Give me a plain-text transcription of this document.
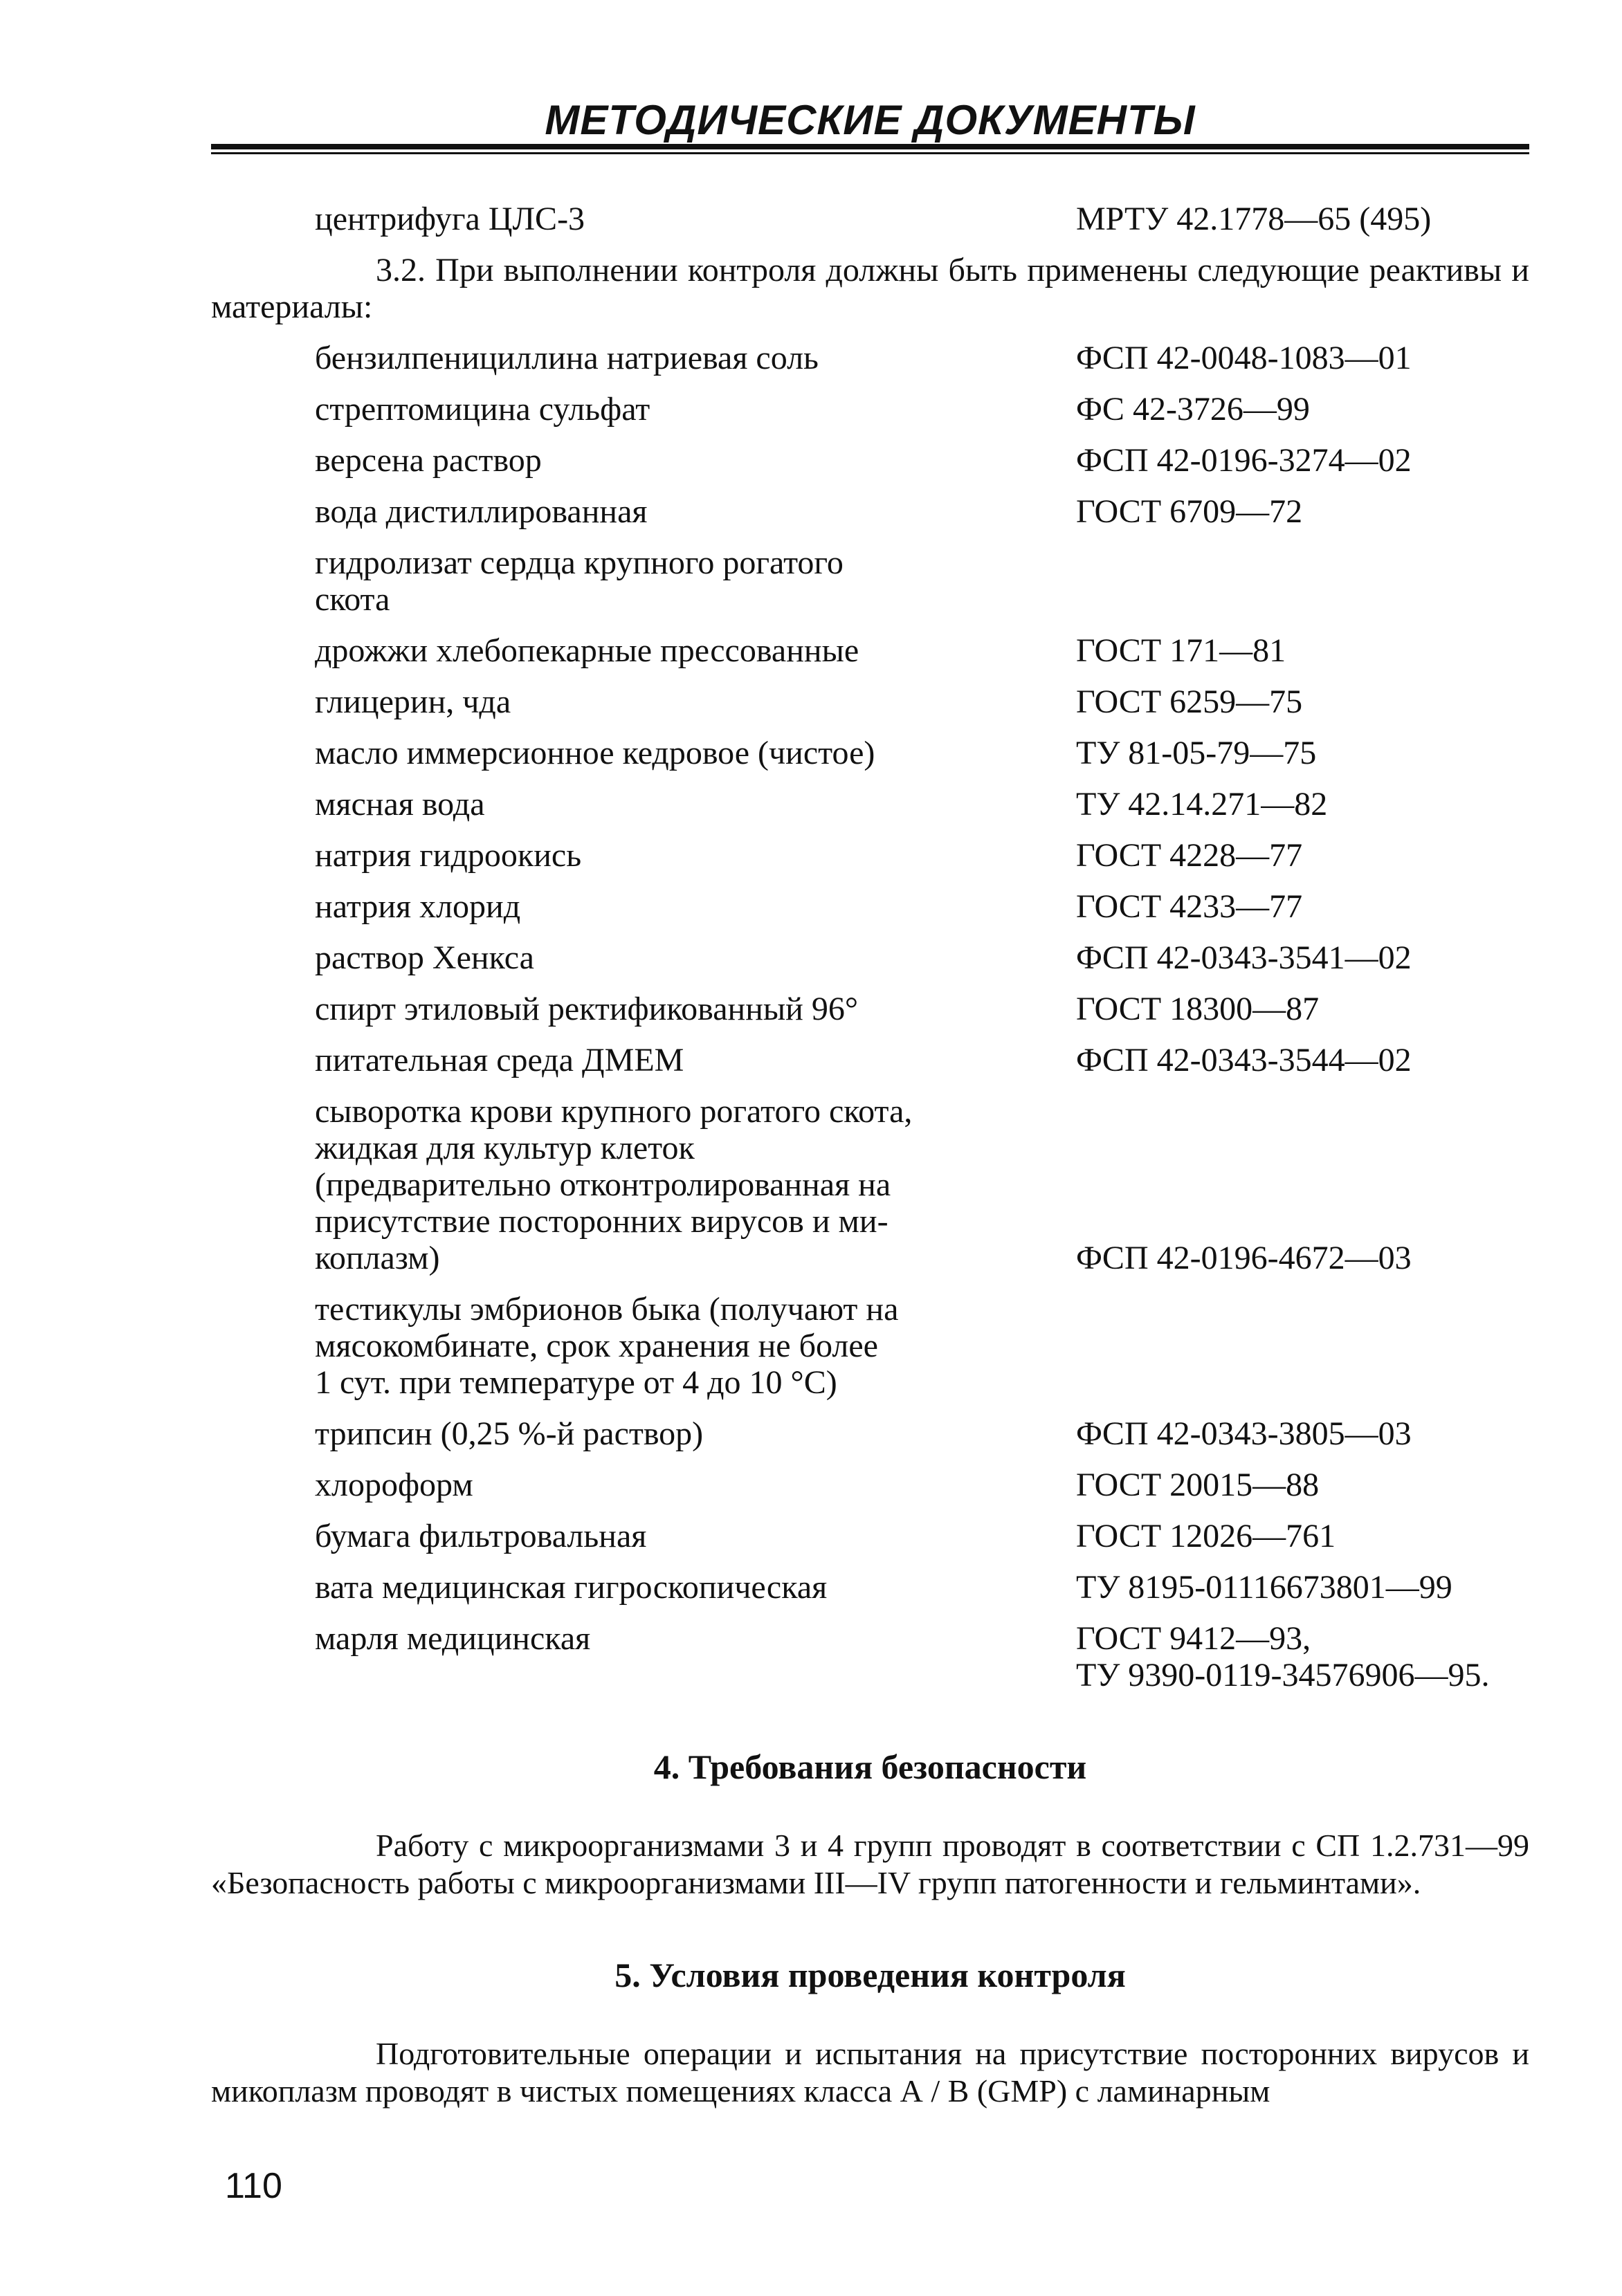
МЕТОДИЧЕСКИЕ ДОКУМЕНТЫ
центрифуга ЦЛС-3	МРТУ 42.1778—65 (495)

3.2. При выполнении контроля должны быть применены следующие реактивы и материалы:

бензилпенициллина натриевая соль	ФСП 42-0048-1083—01
стрептомицина сульфат	ФС 42-3726—99
версена раствор	ФСП 42-0196-3274—02
вода дистиллированная	ГОСТ 6709—72
гидролизат сердца крупного рогатого
скота
дрожжи хлебопекарные прессованные	ГОСТ 171—81
глицерин, чда	ГОСТ 6259—75
масло иммерсионное кедровое (чистое)	ТУ 81-05-79—75
мясная вода	ТУ 42.14.271—82
натрия гидроокись	ГОСТ 4228—77
натрия хлорид	ГОСТ 4233—77
раствор Хенкса	ФСП 42-0343-3541—02
спирт этиловый ректификованный 96°	ГОСТ 18300—87
питательная среда ДМЕМ	ФСП 42-0343-3544—02
сыворотка крови крупного рогатого скота,
жидкая для культур клеток
(предварительно отконтролированная на
присутствие посторонних вирусов и ми-
коплазм)	ФСП 42-0196-4672—03
тестикулы эмбрионов быка (получают на
мясокомбинате, срок хранения не более
1 сут. при температуре от 4 до 10 °С)
трипсин (0,25 %-й раствор)	ФСП 42-0343-3805—03
хлороформ	ГОСТ 20015—88
бумага фильтровальная	ГОСТ 12026—761
вата медицинская гигроскопическая	ТУ 8195-01116673801—99
марля медицинская	ГОСТ 9412—93,
ТУ 9390-0119-34576906—95.
4. Требования безопасности

Работу с микроорганизмами 3 и 4 групп проводят в соответствии с СП 1.2.731—99 «Безопасность работы с микроорганизмами III—IV групп патогенности и гельминтами».

5. Условия проведения контроля

Подготовительные операции и испытания на присутствие посторонних вирусов и микоплазм проводят в чистых помещениях класса А / В (GMP) с ламинарным

110
